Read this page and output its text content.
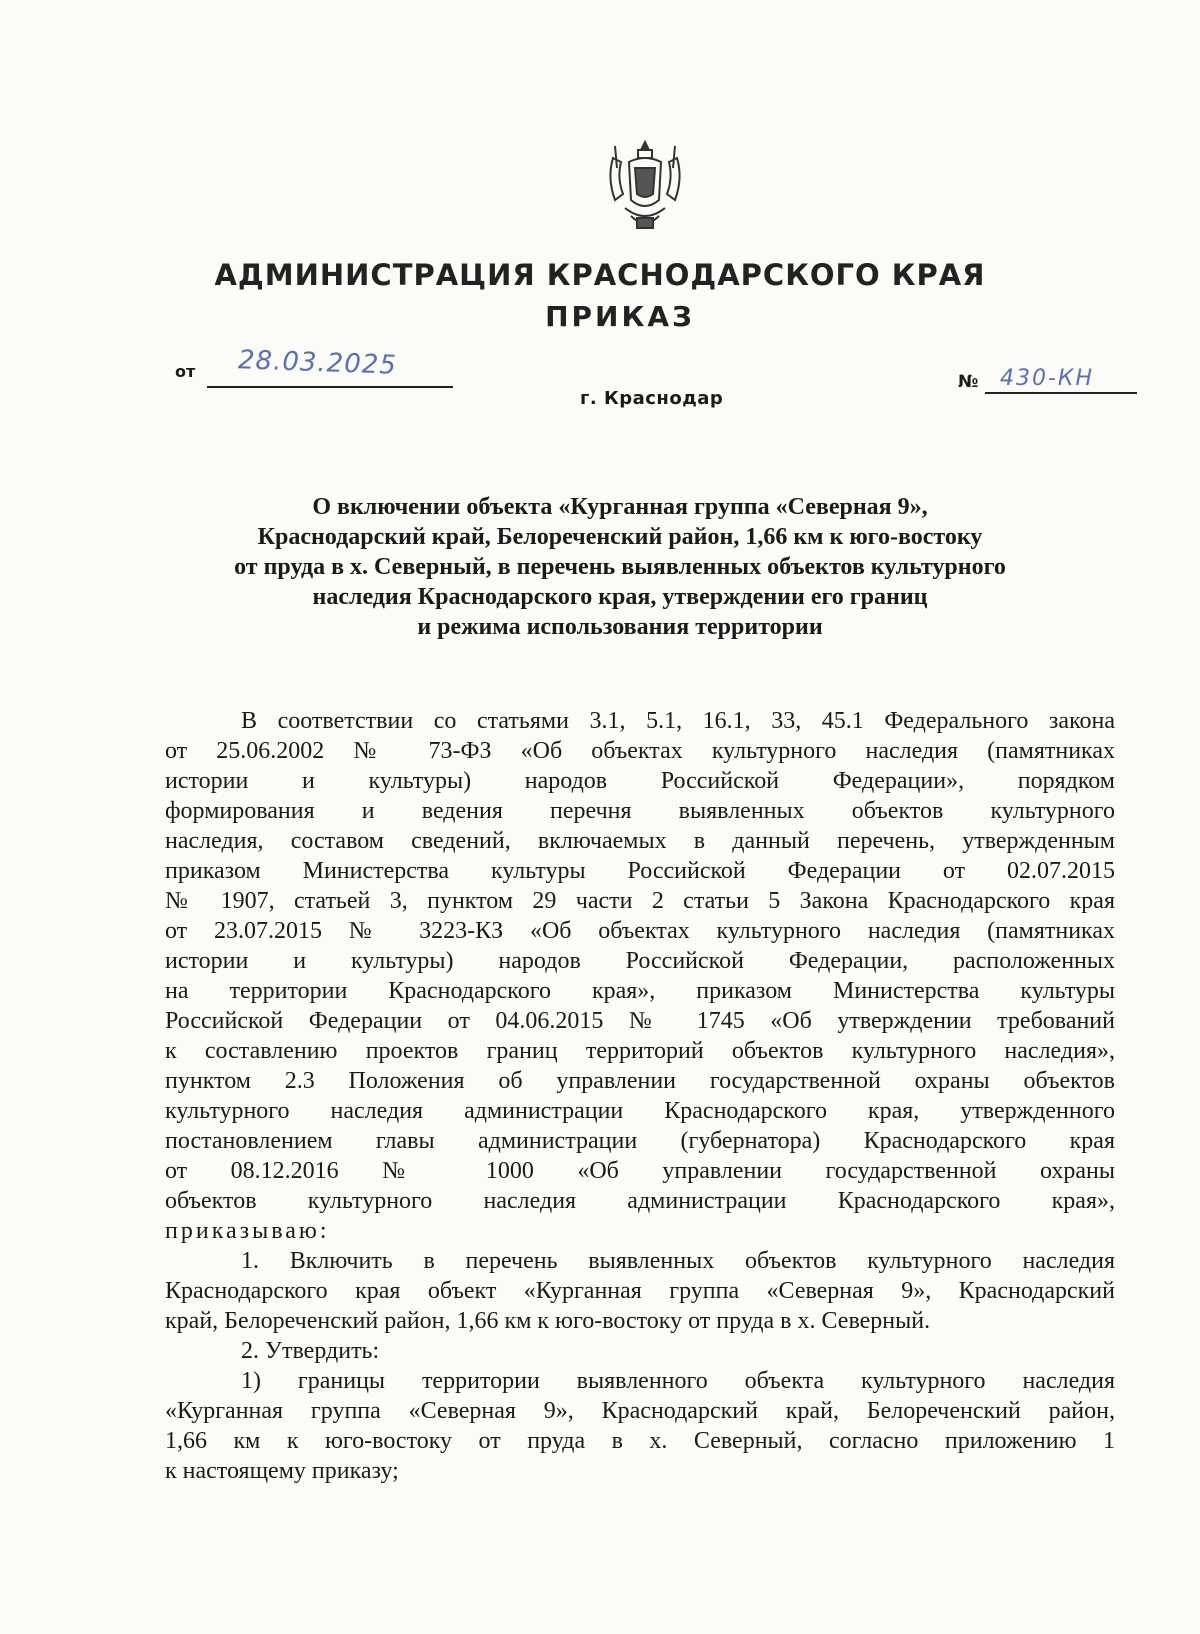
АДМИНИСТРАЦИЯ КРАСНОДАРСКОГО КРАЯ
ПРИКАЗ
от 28.03.2025
г. Краснодар
№ 430-КН
О включении объекта «Курганная группа «Северная 9»,
Краснодарский край, Белореченский район, 1,66 км к юго-востоку
от пруда в х. Северный, в перечень выявленных объектов культурного
наследия Краснодарского края, утверждении его границ
и режима использования территории
В соответствии со статьями 3.1, 5.1, 16.1, 33, 45.1 Федерального закона
от 25.06.2002 № 73-ФЗ «Об объектах культурного наследия (памятниках
истории и культуры) народов Российской Федерации», порядком
формирования и ведения перечня выявленных объектов культурного
наследия, составом сведений, включаемых в данный перечень, утвержденным
приказом Министерства культуры Российской Федерации от 02.07.2015
№ 1907, статьей 3, пунктом 29 части 2 статьи 5 Закона Краснодарского края
от 23.07.2015 № 3223-КЗ «Об объектах культурного наследия (памятниках
истории и культуры) народов Российской Федерации, расположенных
на территории Краснодарского края», приказом Министерства культуры
Российской Федерации от 04.06.2015 № 1745 «Об утверждении требований
к составлению проектов границ территорий объектов культурного наследия»,
пунктом 2.3 Положения об управлении государственной охраны объектов
культурного наследия администрации Краснодарского края, утвержденного
постановлением главы администрации (губернатора) Краснодарского края
от 08.12.2016 № 1000 «Об управлении государственной охраны
объектов культурного наследия администрации Краснодарского края»,
приказываю:
1. Включить в перечень выявленных объектов культурного наследия
Краснодарского края объект «Курганная группа «Северная 9», Краснодарский
край, Белореченский район, 1,66 км к юго-востоку от пруда в х. Северный.
2. Утвердить:
1) границы территории выявленного объекта культурного наследия
«Курганная группа «Северная 9», Краснодарский край, Белореченский район,
1,66 км к юго-востоку от пруда в х. Северный, согласно приложению 1
к настоящему приказу;
